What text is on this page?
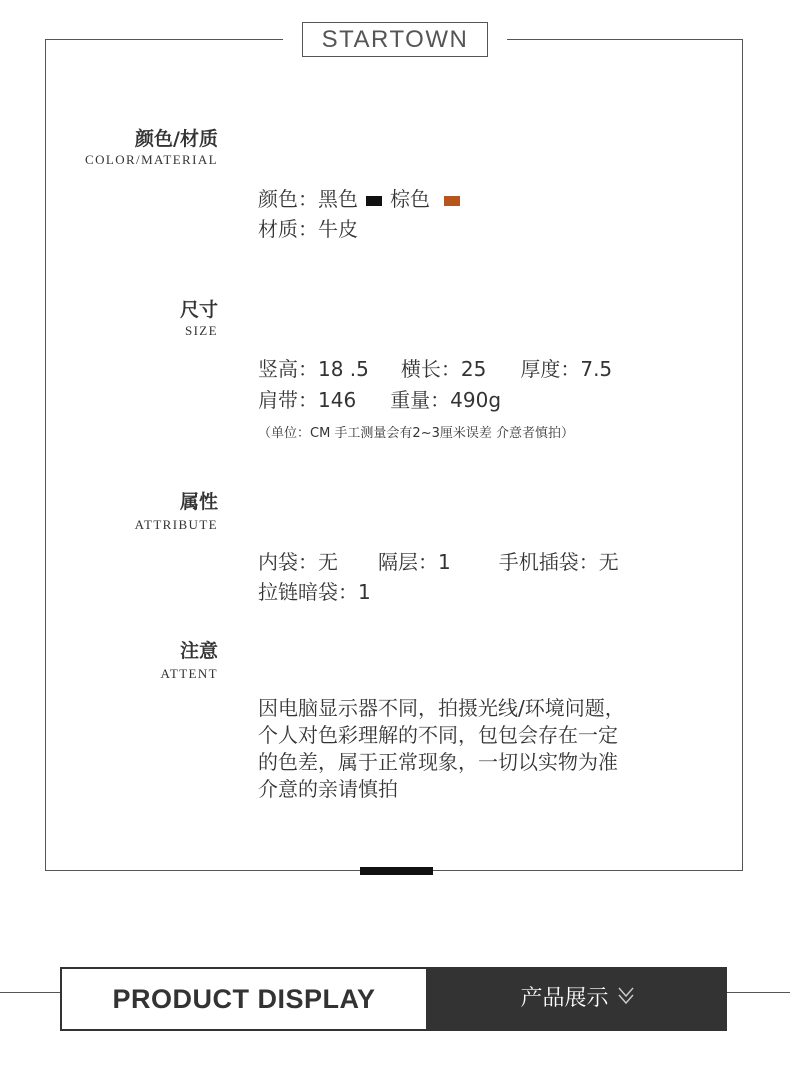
STARTOWN
颜色/材质
COLOR/MATERIAL
颜色：黑色 棕色
材质：牛皮
尺寸
SIZE
竖高：18 .5 横长：25 厚度：7.5
肩带：146 重量：490g
（单位：CM 手工测量会有2~3厘米误差 介意者慎拍）
属性
ATTRIBUTE
内袋：无 隔层：1 手机插袋：无
拉链暗袋：1
注意
ATTENT
因电脑显示器不同，拍摄光线/环境问题，
个人对色彩理解的不同，包包会存在一定
的色差，属于正常现象，一切以实物为准
介意的亲请慎拍
PRODUCT DISPLAY	产品展示
